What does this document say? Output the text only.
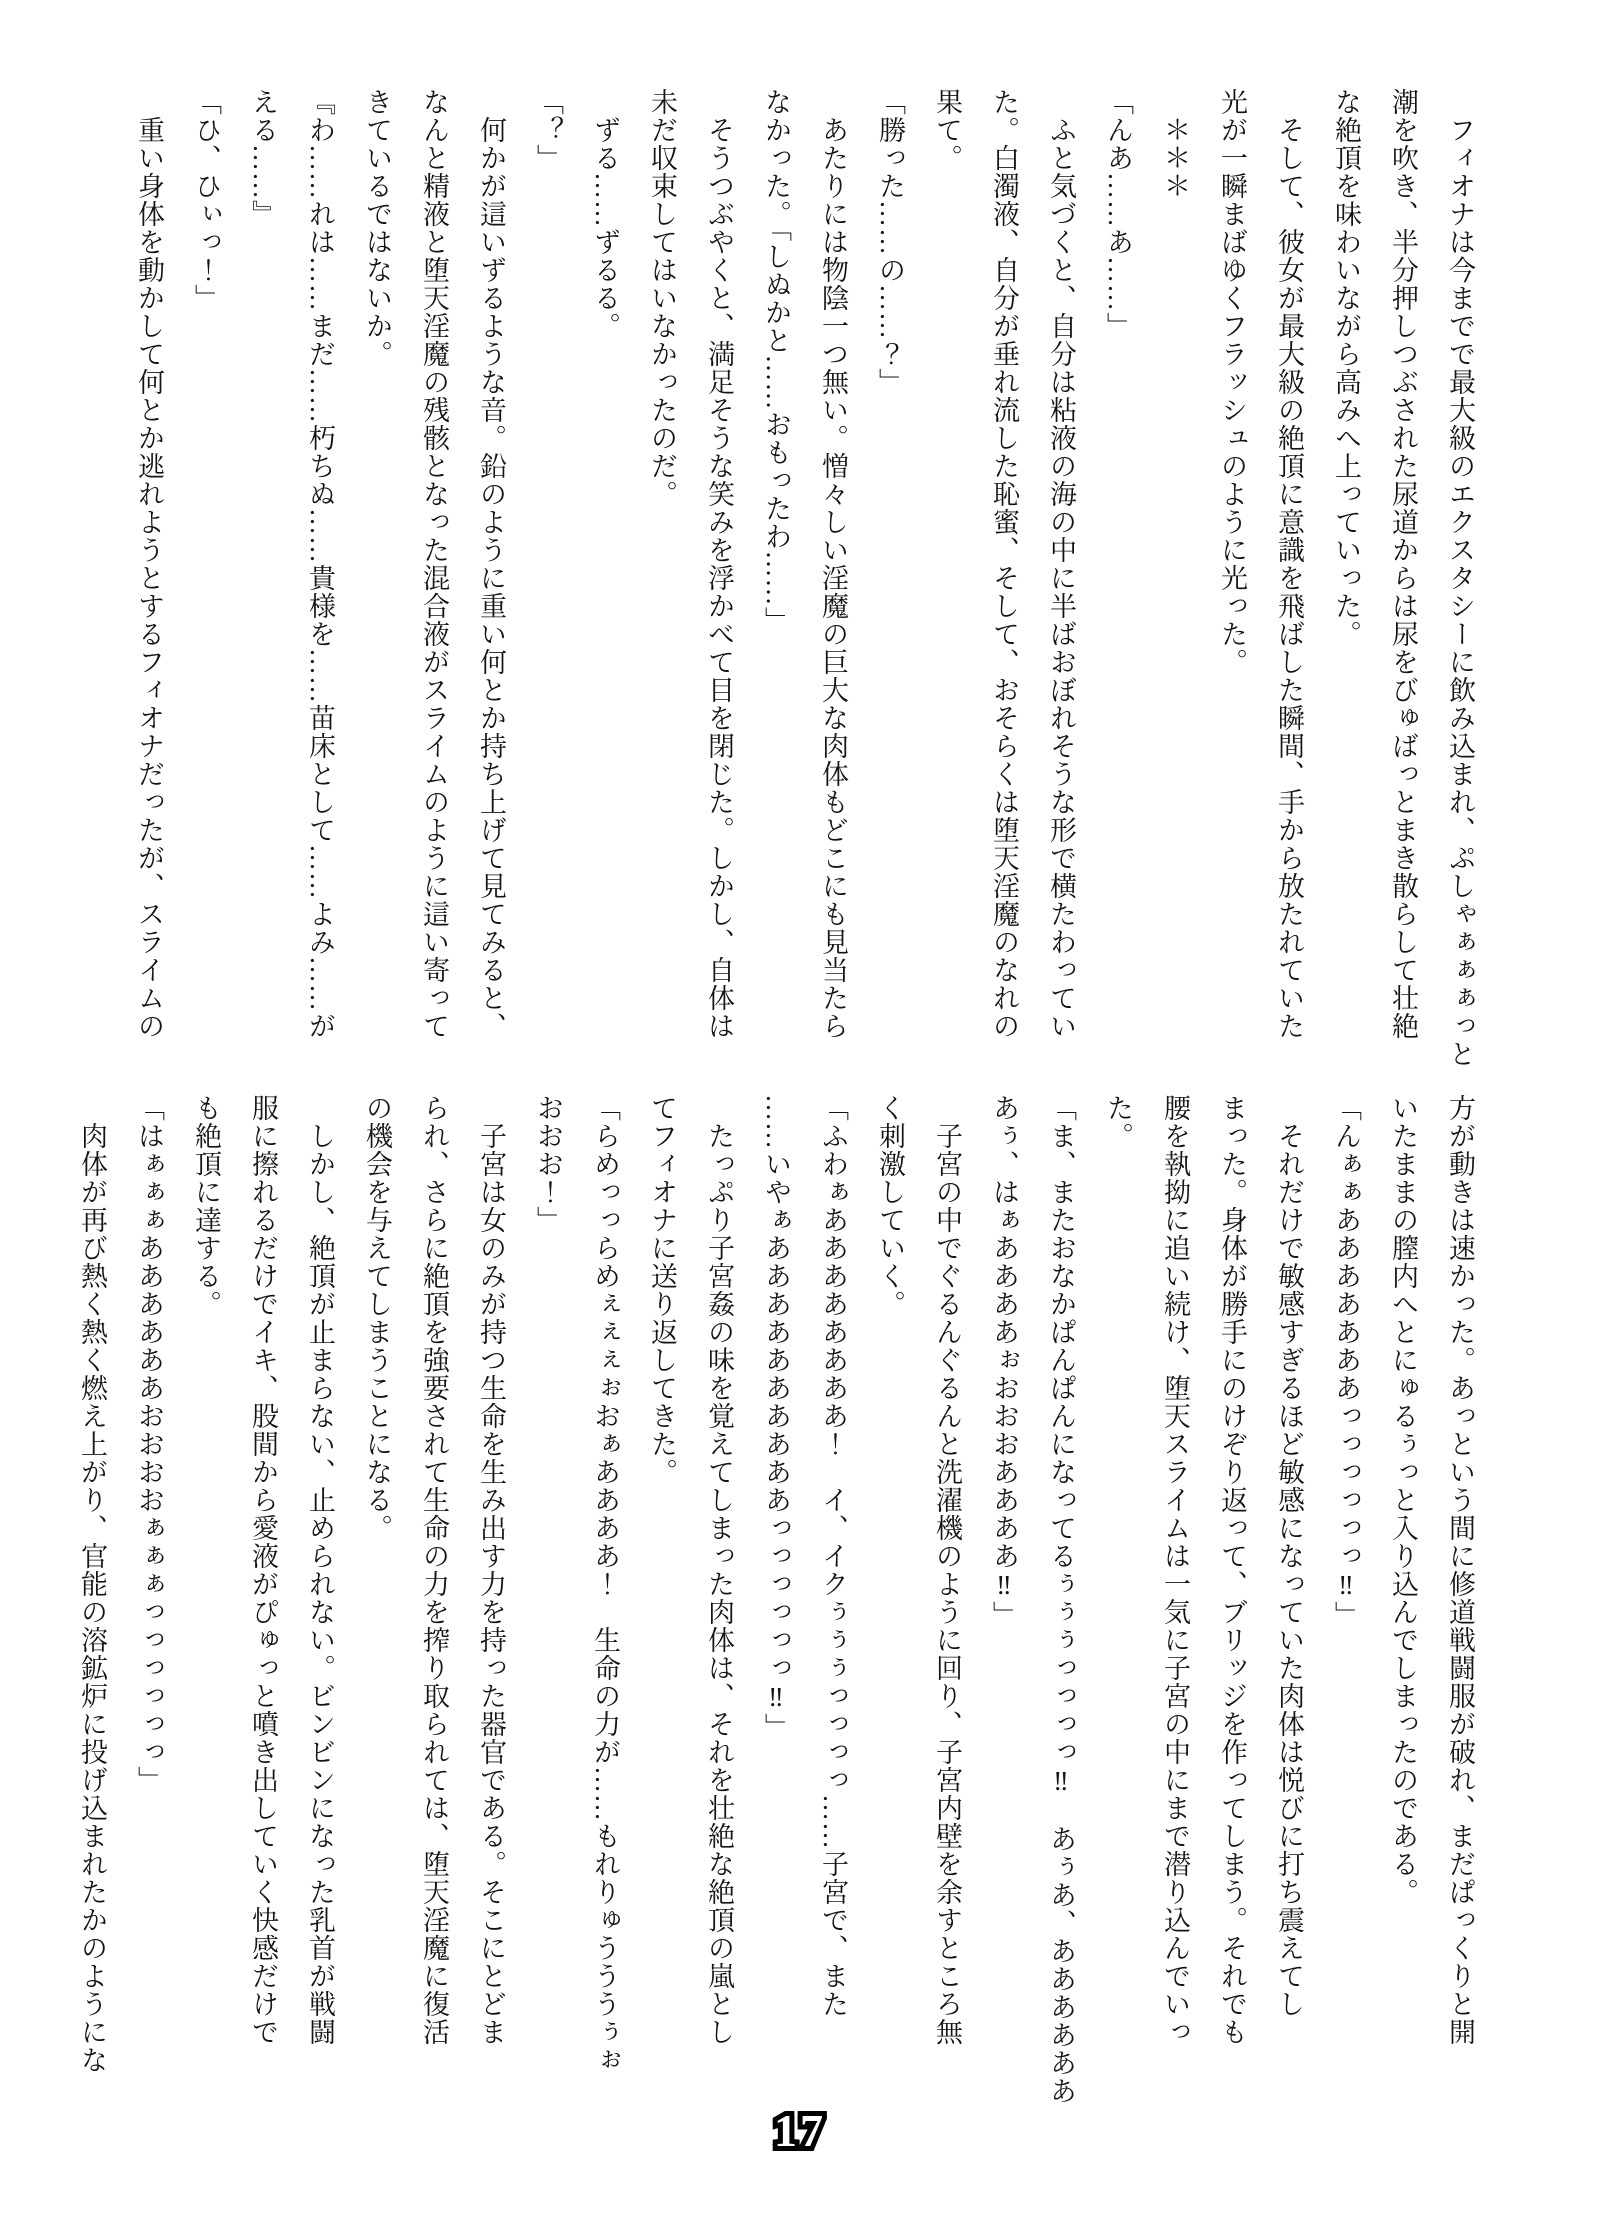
　フィオナは今までで最大級のエクスタシーに飲み込まれ、ぷしゃぁぁぁっと

潮を吹き、半分押しつぶされた尿道からは尿をびゅばっとまき散らして壮絶

な絶頂を味わいながら高みへ上っていった。

　そして、彼女が最大級の絶頂に意識を飛ばした瞬間、手から放たれていた

光が一瞬まばゆくフラッシュのように光った。

　＊＊＊

「んあ……あ……」

　ふと気づくと、自分は粘液の海の中に半ばおぼれそうな形で横たわってい

た。白濁液、自分が垂れ流した恥蜜、そして、おそらくは堕天淫魔のなれの

果て。

「勝った……の……？」

　あたりには物陰一つ無い。憎々しい淫魔の巨大な肉体もどこにも見当たら

なかった。「しぬかと……おもったわ……」

　そうつぶやくと、満足そうな笑みを浮かべて目を閉じた。しかし、自体は

未だ収束してはいなかったのだ。

　ずる……ずるる。

「？」

　何かが這いずるような音。鉛のように重い何とか持ち上げて見てみると、

なんと精液と堕天淫魔の残骸となった混合液がスライムのように這い寄って

きているではないか。

『わ……れは……まだ……朽ちぬ……貴様を……苗床として……よみ……が

える……』

「ひ、ひぃっ！」

　重い身体を動かして何とか逃れようとするフィオナだったが、スライムの

方が動きは速かった。あっという間に修道戦闘服が破れ、まだぱっくりと開

いたままの膣内へとにゅるぅっと入り込んでしまったのである。

「んぁぁあああああああっっっっっっ‼」

　それだけで敏感すぎるほど敏感になっていた肉体は悦びに打ち震えてし

まった。身体が勝手にのけぞり返って、ブリッジを作ってしまう。それでも

腰を執拗に追い続け、堕天スライムは一気に子宮の中にまで潜り込んでいっ

た。

「ま、またおなかぱんぱんになってるぅぅぅっっっっ‼　あぅあ、ああああああ

あぅ、はぁああああぉおおおああああ‼」

　子宮の中でぐるんぐるんと洗濯機のように回り、子宮内壁を余すところ無

く刺激していく。

「ふわぁああああああああ！　イ、イクぅぅぅっっっっ……子宮で、また

……いやぁああああああああああっっっっっっ‼」

　たっぷり子宮姦の味を覚えてしまった肉体は、それを壮絶な絶頂の嵐とし

てフィオナに送り返してきた。

「らめっっらめぇぇぇぉおぁああああ！　生命の力が……もれりゅうううぅぉ

おおお！」

　子宮は女のみが持つ生命を生み出す力を持った器官である。そこにとどま

られ、さらに絶頂を強要されて生命の力を搾り取られては、堕天淫魔に復活

の機会を与えてしまうことになる。

　しかし、絶頂が止まらない、止められない。ビンビンになった乳首が戦闘

服に擦れるだけでイキ、股間から愛液がぴゅっと噴き出していく快感だけで

も絶頂に達する。

「はぁぁぁああああああおおおおぁぁぁっっっっっっ」

　肉体が再び熱く熱く燃え上がり、官能の溶鉱炉に投げ込まれたかのようにな

17
